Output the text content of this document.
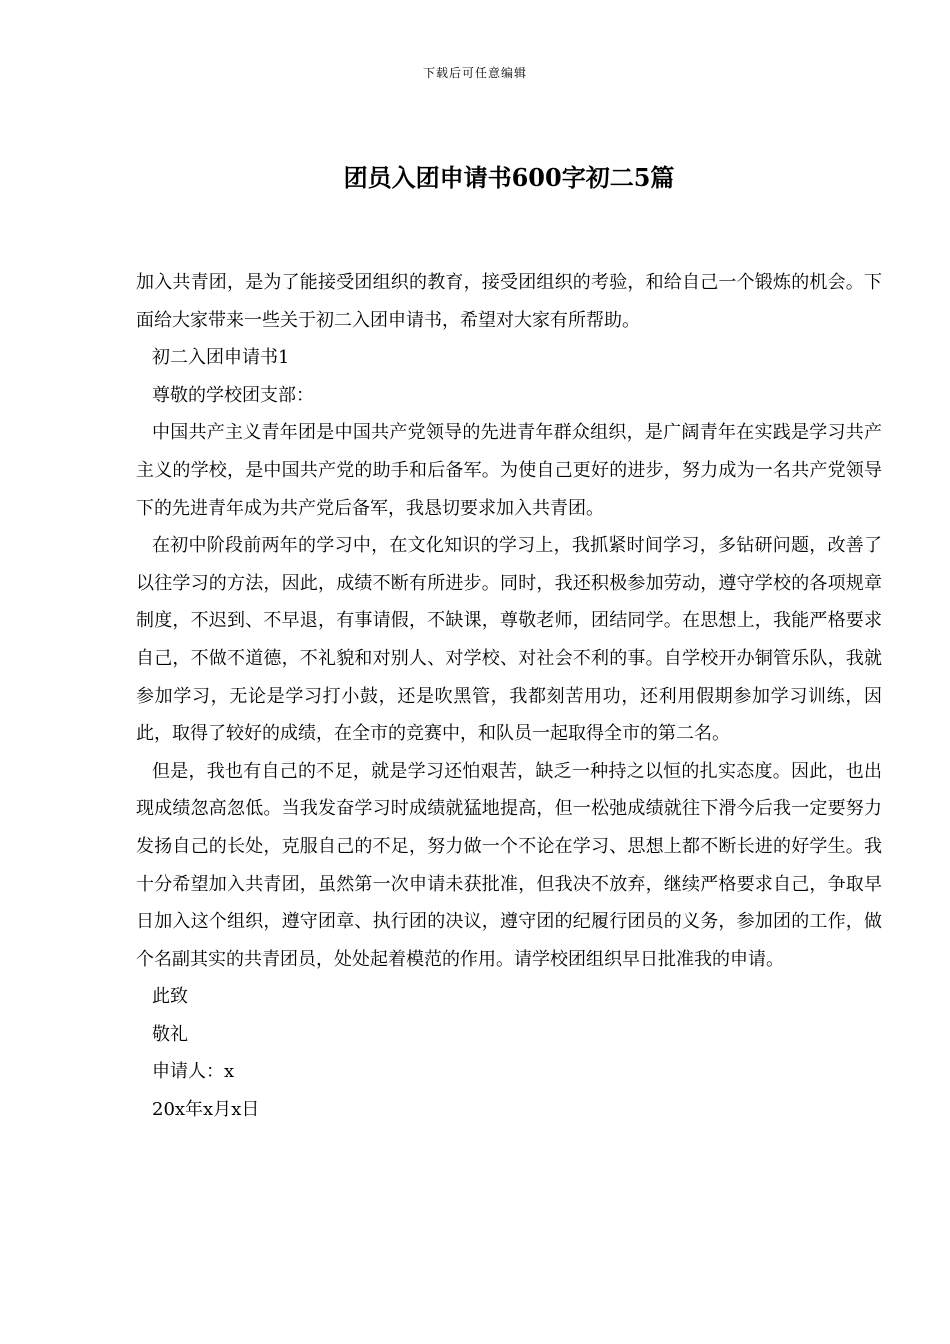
下载后可任意编辑
团员入团申请书600字初二5篇

加入共青团，是为了能接受团组织的教育，接受团组织的考验，和给自己一个锻炼的机会。下面给大家带来一些关于初二入团申请书，希望对大家有所帮助。

初二入团申请书1

尊敬的学校团支部：

中国共产主义青年团是中国共产党领导的先进青年群众组织，是广阔青年在实践是学习共产主义的学校，是中国共产党的助手和后备军。为使自己更好的进步，努力成为一名共产党领导下的先进青年成为共产党后备军，我恳切要求加入共青团。

在初中阶段前两年的学习中，在文化知识的学习上，我抓紧时间学习，多钻研问题，改善了以往学习的方法，因此，成绩不断有所进步。同时，我还积极参加劳动，遵守学校的各项规章制度，不迟到、不早退，有事请假，不缺课，尊敬老师，团结同学。在思想上，我能严格要求自己，不做不道德，不礼貌和对别人、对学校、对社会不利的事。自学校开办铜管乐队，我就参加学习，无论是学习打小鼓，还是吹黑管，我都刻苦用功，还利用假期参加学习训练，因此，取得了较好的成绩，在全市的竞赛中，和队员一起取得全市的第二名。

但是，我也有自己的不足，就是学习还怕艰苦，缺乏一种持之以恒的扎实态度。因此，也出现成绩忽高忽低。当我发奋学习时成绩就猛地提高，但一松弛成绩就往下滑今后我一定要努力发扬自己的长处，克服自己的不足，努力做一个不论在学习、思想上都不断长进的好学生。我十分希望加入共青团，虽然第一次申请未获批准，但我决不放弃，继续严格要求自己，争取早日加入这个组织，遵守团章、执行团的决议，遵守团的纪履行团员的义务，参加团的工作，做个名副其实的共青团员，处处起着模范的作用。请学校团组织早日批准我的申请。

此致

敬礼

申请人：x

20x年x月x日
